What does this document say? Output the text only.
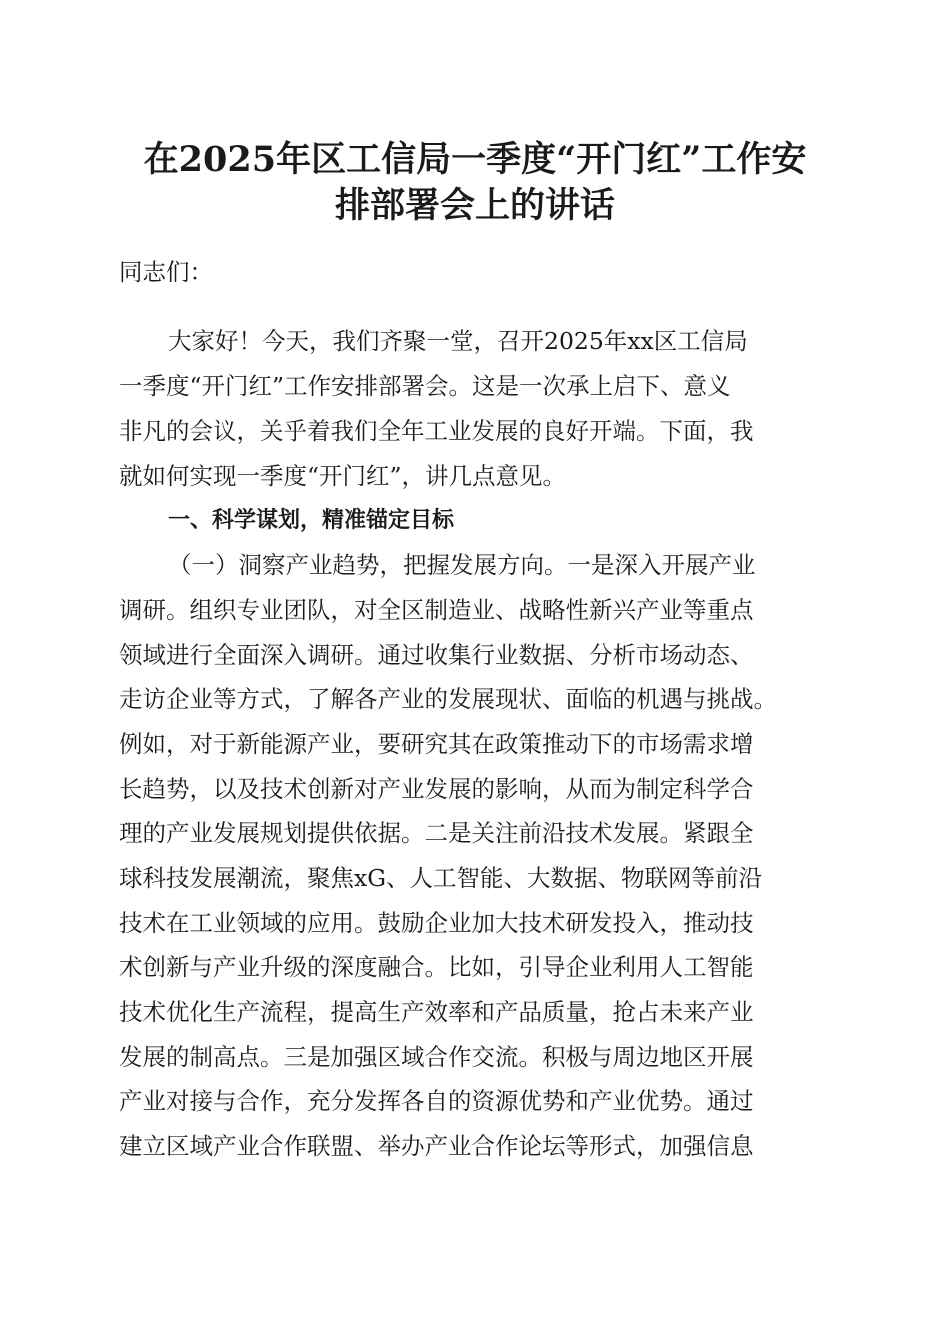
在2025年区工信局一季度“开门红”工作安
排部署会上的讲话
同志们：
大家好！今天，我们齐聚一堂，召开2025年xx区工信局
一季度“开门红”工作安排部署会。这是一次承上启下、意义
非凡的会议，关乎着我们全年工业发展的良好开端。下面，我
就如何实现一季度“开门红”，讲几点意见。
一、科学谋划，精准锚定目标
（一）洞察产业趋势，把握发展方向。一是深入开展产业
调研。组织专业团队，对全区制造业、战略性新兴产业等重点
领域进行全面深入调研。通过收集行业数据、分析市场动态、
走访企业等方式，了解各产业的发展现状、面临的机遇与挑战。
例如，对于新能源产业，要研究其在政策推动下的市场需求增
长趋势，以及技术创新对产业发展的影响，从而为制定科学合
理的产业发展规划提供依据。二是关注前沿技术发展。紧跟全
球科技发展潮流，聚焦xG、人工智能、大数据、物联网等前沿
技术在工业领域的应用。鼓励企业加大技术研发投入，推动技
术创新与产业升级的深度融合。比如，引导企业利用人工智能
技术优化生产流程，提高生产效率和产品质量，抢占未来产业
发展的制高点。三是加强区域合作交流。积极与周边地区开展
产业对接与合作，充分发挥各自的资源优势和产业优势。通过
建立区域产业合作联盟、举办产业合作论坛等形式，加强信息
